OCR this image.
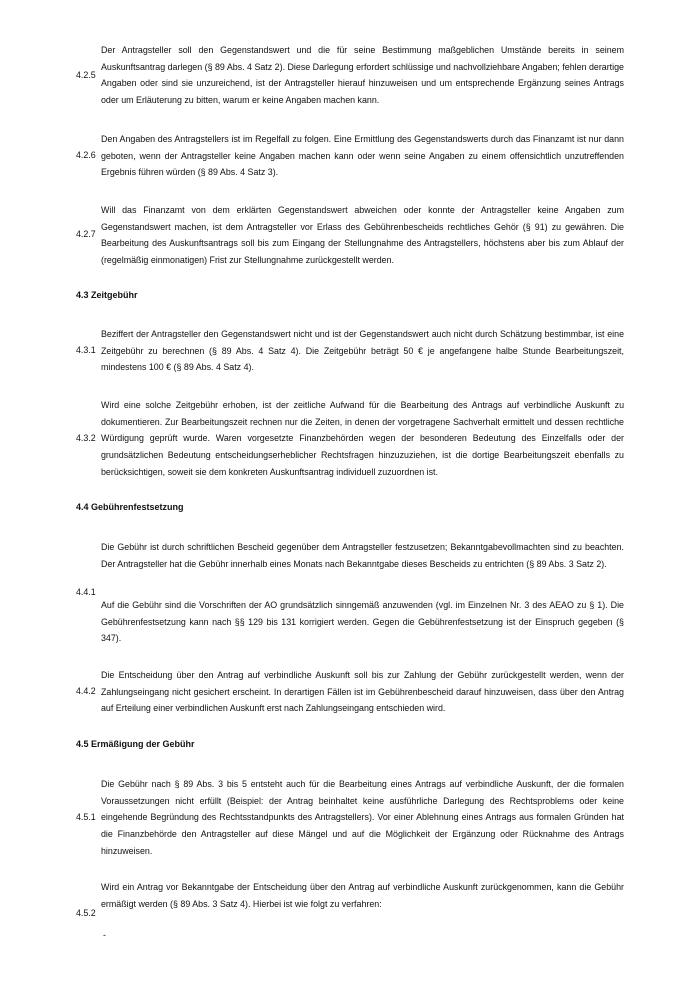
4.2.5
Der Antragsteller soll den Gegenstandswert und die für seine Bestimmung maßgeblichen Umstände bereits in seinem Auskunftsantrag darlegen (§ 89 Abs. 4 Satz 2). Diese Darlegung erfordert schlüssige und nachvollziehbare Angaben; fehlen derartige Angaben oder sind sie unzureichend, ist der Antragsteller hierauf hinzuweisen und um entsprechende Ergänzung seines Antrags oder um Erläuterung zu bitten, warum er keine Angaben machen kann.
4.2.6
Den Angaben des Antragstellers ist im Regelfall zu folgen. Eine Ermittlung des Gegenstandswerts durch das Finanzamt ist nur dann geboten, wenn der Antragsteller keine Angaben machen kann oder wenn seine Angaben zu einem offensichtlich unzutreffenden Ergebnis führen würden (§ 89 Abs. 4 Satz 3).
4.2.7
Will das Finanzamt von dem erklärten Gegenstandswert abweichen oder konnte der Antragsteller keine Angaben zum Gegenstandswert machen, ist dem Antragsteller vor Erlass des Gebührenbescheids rechtliches Gehör (§ 91) zu gewähren. Die Bearbeitung des Auskunftsantrags soll bis zum Eingang der Stellungnahme des Antragstellers, höchstens aber bis zum Ablauf der (regelmäßig einmonatigen) Frist zur Stellungnahme zurückgestellt werden.
4.3 Zeitgebühr
4.3.1
Beziffert der Antragsteller den Gegenstandswert nicht und ist der Gegenstandswert auch nicht durch Schätzung bestimmbar, ist eine Zeitgebühr zu berechnen (§ 89 Abs. 4 Satz 4). Die Zeitgebühr beträgt 50 € je angefangene halbe Stunde Bearbeitungszeit, mindestens 100 € (§ 89 Abs. 4 Satz 4).
4.3.2
Wird eine solche Zeitgebühr erhoben, ist der zeitliche Aufwand für die Bearbeitung des Antrags auf verbindliche Auskunft zu dokumentieren. Zur Bearbeitungszeit rechnen nur die Zeiten, in denen der vorgetragene Sachverhalt ermittelt und dessen rechtliche Würdigung geprüft wurde. Waren vorgesetzte Finanzbehörden wegen der besonderen Bedeutung des Einzelfalls oder der grundsätzlichen Bedeutung entscheidungserheblicher Rechtsfragen hinzuzuziehen, ist die dortige Bearbeitungszeit ebenfalls zu berücksichtigen, soweit sie dem konkreten Auskunftsantrag individuell zuzuordnen ist.
4.4 Gebührenfestsetzung
4.4.1
Die Gebühr ist durch schriftlichen Bescheid gegenüber dem Antragsteller festzusetzen; Bekanntgabevollmachten sind zu beachten. Der Antragsteller hat die Gebühr innerhalb eines Monats nach Bekanntgabe dieses Bescheids zu entrichten (§ 89 Abs. 3 Satz 2).
Auf die Gebühr sind die Vorschriften der AO grundsätzlich sinngemäß anzuwenden (vgl. im Einzelnen Nr. 3 des AEAO zu § 1). Die Gebührenfestsetzung kann nach §§ 129 bis 131 korrigiert werden. Gegen die Gebührenfestsetzung ist der Einspruch gegeben (§ 347).
4.4.2
Die Entscheidung über den Antrag auf verbindliche Auskunft soll bis zur Zahlung der Gebühr zurückgestellt werden, wenn der Zahlungseingang nicht gesichert erscheint. In derartigen Fällen ist im Gebührenbescheid darauf hinzuweisen, dass über den Antrag auf Erteilung einer verbindlichen Auskunft erst nach Zahlungseingang entschieden wird.
4.5 Ermäßigung der Gebühr
4.5.1
Die Gebühr nach § 89 Abs. 3 bis 5 entsteht auch für die Bearbeitung eines Antrags auf verbindliche Auskunft, der die formalen Voraussetzungen nicht erfüllt (Beispiel: der Antrag beinhaltet keine ausführliche Darlegung des Rechtsproblems oder keine eingehende Begründung des Rechtsstandpunkts des Antragstellers). Vor einer Ablehnung eines Antrags aus formalen Gründen hat die Finanzbehörde den Antragsteller auf diese Mängel und auf die Möglichkeit der Ergänzung oder Rücknahme des Antrags hinzuweisen.
4.5.2
Wird ein Antrag vor Bekanntgabe der Entscheidung über den Antrag auf verbindliche Auskunft zurückgenommen, kann die Gebühr ermäßigt werden (§ 89 Abs. 3 Satz 4). Hierbei ist wie folgt zu verfahren:
-
